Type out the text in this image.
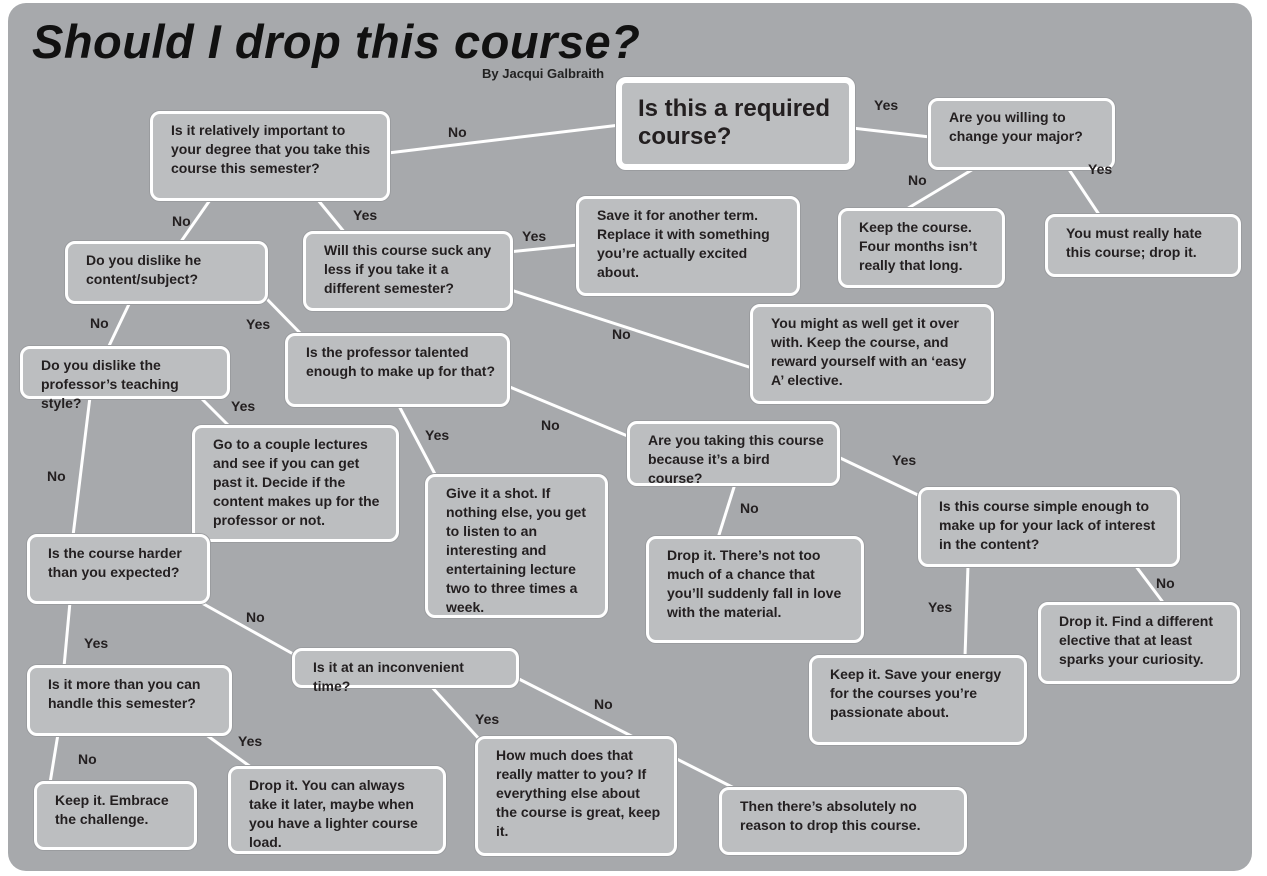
Should I drop this course?
By Jacqui Galbraith
Is this a required course?
Is it relatively important to your degree that you take this course this semester?
Are you willing to change your major?
Keep the course. Four months isn’t really that long.
You must really hate this course; drop it.
Will this course suck any less if you take it a different semester?
Save it for another term. Replace it with something you’re actually excited about.
You might as well get it over with. Keep the course, and reward yourself with an ‘easy A’ elective.
Do you dislike he content/subject?
Do you dislike the professor’s teaching style?
Is the professor talented enough to make up for that?
Go to a couple lectures and see if you can get past it. Decide if the content makes up for the professor or not.
Give it a shot. If nothing else, you get to listen to an interesting and entertaining lecture two to three times a week.
Are you taking this course because it’s a bird course?
Drop it. There’s not too much of a chance that you’ll suddenly fall in love with the material.
Is this course simple enough to make up for your lack of interest in the content?
Drop it. Find a different elective that at least sparks your curiosity.
Keep it. Save your energy for the courses you’re passionate about.
Is the course harder than you expected?
Is it more than you can handle this semester?
Keep it. Embrace the challenge.
Drop it. You can always take it later, maybe when you have a lighter course load.
Is it at an inconvenient time?
How much does that really matter to you? If everything else about the course is great, keep it.
Then there’s absolutely no reason to drop this course.
Yes
No
No
Yes
No	Yes
Yes
No
No	Yes
Yes
No
Yes
No
Yes
No
No
Yes
Yes
No
No
Yes
Yes
No
